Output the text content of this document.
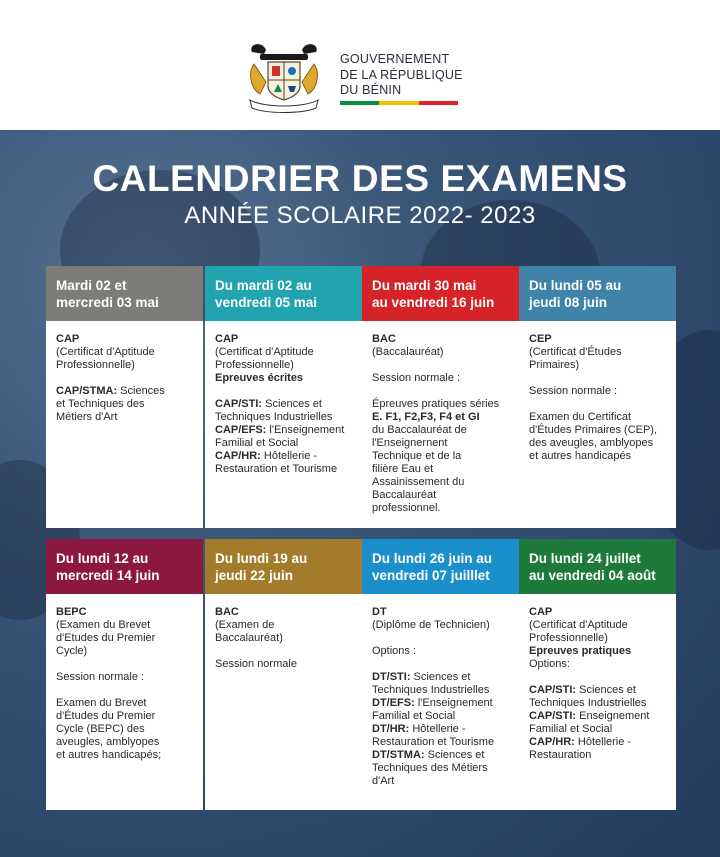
GOUVERNEMENT
DE LA RÉPUBLIQUE
DU BÉNIN
CALENDRIER DES EXAMENS
ANNÉE SCOLAIRE 2022- 2023
Mardi 02 et
mercredi 03 mai

CAP

(Certificat d'Aptitude

Professionnelle)

CAP/STMA: Sciences

et Techniques des

Métiers d'Art

Du mardi 02 au
vendredi 05 mai

CAP

(Certificat d'Aptitude

Professionnelle)

Epreuves écrites

CAP/STI: Sciences et

Techniques Industrielles

CAP/EFS: l'Enseignement

Familial et Social

CAP/HR: Hôtellerie -

Restauration et Tourisme

Du mardi 30 mai
au vendredi 16 juin

BAC

(Baccalauréat)

Session normale :

Épreuves pratiques séries

E. F1, F2,F3, F4 et GI

du Baccalauréat de

l'Enseignernent

Technique et de la

filière Eau et

Assainissement du

Baccalauréat

professionnel.

Du lundi 05 au
jeudi 08 juin

CEP

(Certificat d'Études

Primaires)

Session normale :

Examen du Certificat

d'Études Primaires (CEP),

des aveugles, amblyopes

et autres handicapés

Du lundi 12 au
mercredi 14 juin

BEPC

(Examen du Brevet

d'Etudes du Premier

Cycle)

Session normale :

Examen du Brevet

d'Études du Premier

Cycle (BEPC) des

aveugles, amblyopes

et autres handicapés;

Du lundi 19 au
jeudi 22 juin

BAC

(Examen de

Baccalauréat)

Session normale

Du lundi 26 juin au
vendredi 07 juilllet

DT

(Diplôme de Technicien)

Options :

DT/STI: Sciences et

Techniques Industrielles

DT/EFS: l'Enseignement

Familial et Social

DT/HR: Hôtellerie -

Restauration et Tourisme

DT/STMA: Sciences et

Techniques des Métiers

d'Art

Du lundi 24 juillet
au vendredi 04 août

CAP

(Certificat d'Aptitude

Professionnelle)

Epreuves pratiques

Options:

CAP/STI: Sciences et

Techniques Industrielles

CAP/STI: Enseignement

Familial et Social

CAP/HR: Hôtellerie -

Restauration
